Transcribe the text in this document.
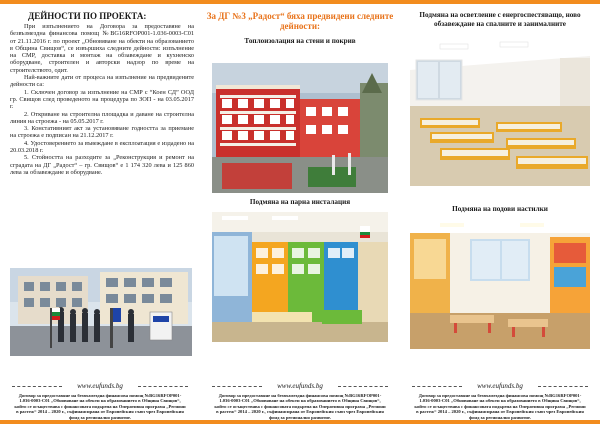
ДЕЙНОСТИ ПО ПРОЕКТА:

При изпълнението на Договора за предоставяне на безвъзмездна финансова помощ №BG16RFOP001-1.036-0003-C01 от 21.11.2016 г. по проект „Обновяване на обекти на образованието в Община Свищов“, се извършиха следните дейности: изпълнение на СМР, доставка и монтаж на обзавеждане и кухненско оборудване, строителен и авторски надзор по време на строителството, одит.

Най-важните дати от процеса на изпълнение на предвидените дейности са:

1. Сключен договор за изпълнение на СМР с “Коен СД” ООД гр. Свищов след проведеното на процедура по ЗОП - на 03.05.2017 г.

2. Откриване на строителна площадка и даване на строителна линия на строежа - на 05.05.2017 г.

3. Констативният акт за установяване годността за приемане на строежа е подписан на 21.12.2017 г.

4. Удостоверението за въвеждане в експлоатация е издадено на 20.03.2018 г.

5. Стойността на разходите за „Реконструкция и ремонт на сградата на ДГ „Радост“ – гр. Свищов“ е 1 174 320 лева и 125 860 лева за обзавеждане и оборудване.

www.eufunds.bg
Договор за предоставяне на безвъзмездна финансова помощ №BG16RFOP001-1.036-0003-C01 „Обновяване на обекти на образованието в Община Свищов“, който се осъществява с финансовата подкрепа на Оперативна програма „Региони в растеж“ 2014 – 2020 г., съфинансирана от Европейския съюз чрез Европейския фонд за регионално развитие.
За ДГ №3 „Радост“ бяха предвидени следните дейности:
Топлоизолация на стени и покрив
Подмяна на парна инсталация
www.eufunds.bg
Договор за предоставяне на безвъзмездна финансова помощ №BG16RFOP001-1.036-0003-C01 „Обновяване на обекти на образованието в Община Свищов“, който се осъществява с финансовата подкрепа на Оперативна програма „Региони в растеж“ 2014 – 2020 г., съфинансирана от Европейския съюз чрез Европейския фонд за регионално развитие.
Подмяна на осветление с енергоспестяващо, ново обзавеждане на спалните и занималните
Подмяна на подови настилки
www.eufunds.bg
Договор за предоставяне на безвъзмездна финансова помощ №BG16RFOP001-1.036-0003-C01 „Обновяване на обекти на образованието в Община Свищов“, който се осъществява с финансовата подкрепа на Оперативна програма „Региони в растеж“ 2014 – 2020 г., съфинансирана от Европейския съюз чрез Европейския фонд за регионално развитие.
